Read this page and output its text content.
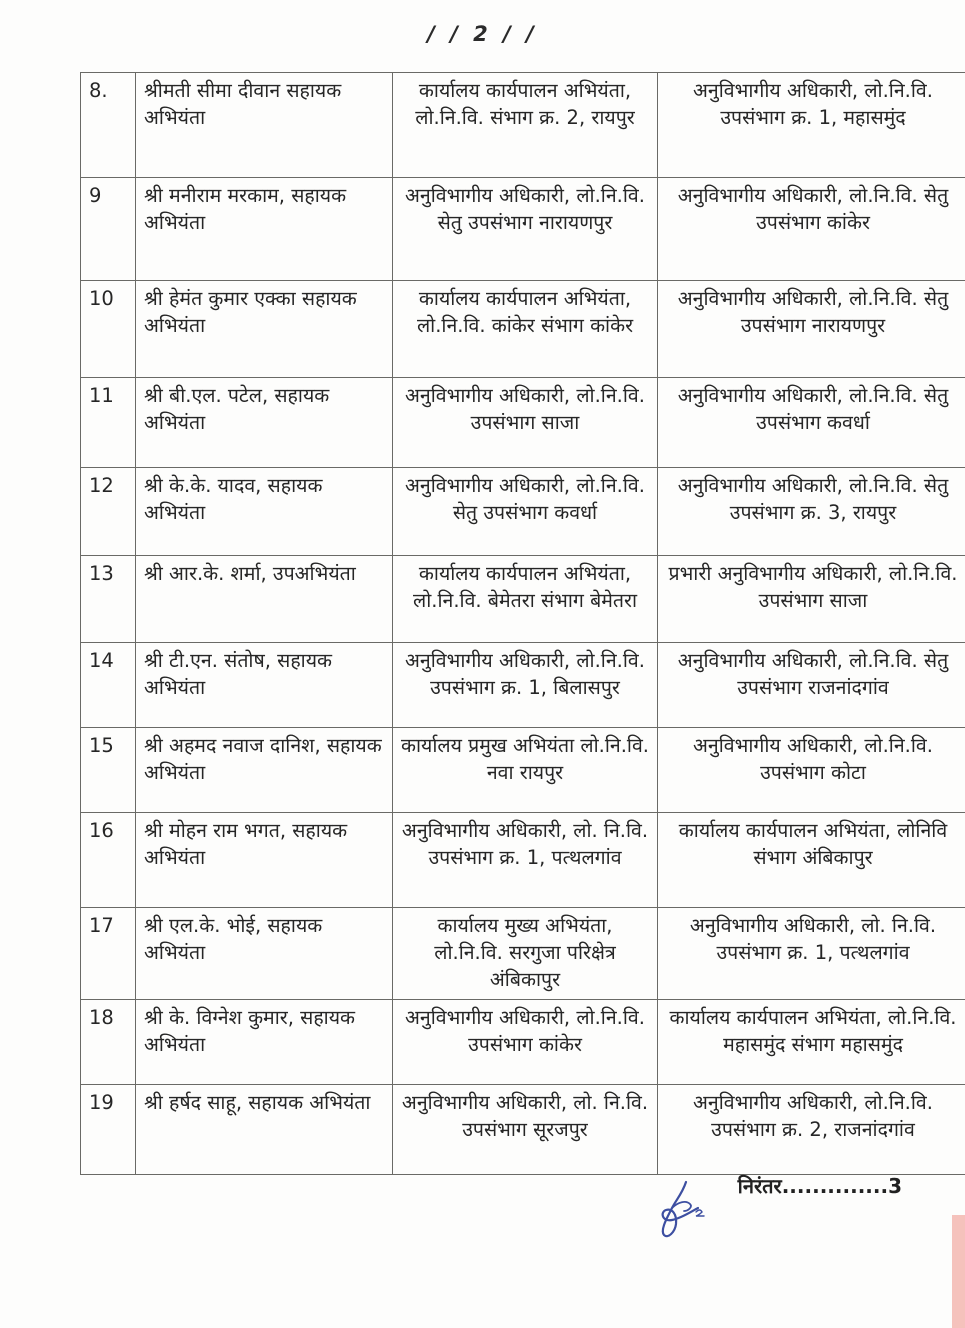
/ / 2 / /
8.	श्रीमती सीमा दीवान सहायक अभियंता	कार्यालय कार्यपालन अभियंता, लो.नि.वि. संभाग क्र. 2, रायपुर	अनुविभागीय अधिकारी, लो.नि.वि. उपसंभाग क्र. 1, महासमुंद
9	श्री मनीराम मरकाम, सहायक अभियंता	अनुविभागीय अधिकारी, लो.नि.वि. सेतु उपसंभाग नारायणपुर	अनुविभागीय अधिकारी, लो.नि.वि. सेतु उपसंभाग कांकेर
10	श्री हेमंत कुमार एक्का सहायक अभियंता	कार्यालय कार्यपालन अभियंता, लो.नि.वि. कांकेर संभाग कांकेर	अनुविभागीय अधिकारी, लो.नि.वि. सेतु उपसंभाग नारायणपुर
11	श्री बी.एल. पटेल, सहायक अभियंता	अनुविभागीय अधिकारी, लो.नि.वि. उपसंभाग साजा	अनुविभागीय अधिकारी, लो.नि.वि. सेतु उपसंभाग कवर्धा
12	श्री के.के. यादव, सहायक अभियंता	अनुविभागीय अधिकारी, लो.नि.वि. सेतु उपसंभाग कवर्धा	अनुविभागीय अधिकारी, लो.नि.वि. सेतु उपसंभाग क्र. 3, रायपुर
13	श्री आर.के. शर्मा, उपअभियंता	कार्यालय कार्यपालन अभियंता, लो.नि.वि. बेमेतरा संभाग बेमेतरा	प्रभारी अनुविभागीय अधिकारी, लो.नि.वि. उपसंभाग साजा
14	श्री टी.एन. संतोष, सहायक अभियंता	अनुविभागीय अधिकारी, लो.नि.वि. उपसंभाग क्र. 1, बिलासपुर	अनुविभागीय अधिकारी, लो.नि.वि. सेतु उपसंभाग राजनांदगांव
15	श्री अहमद नवाज दानिश, सहायक अभियंता	कार्यालय प्रमुख अभियंता लो.नि.वि. नवा रायपुर	अनुविभागीय अधिकारी, लो.नि.वि. उपसंभाग कोटा
16	श्री मोहन राम भगत, सहायक अभियंता	अनुविभागीय अधिकारी, लो. नि.वि. उपसंभाग क्र. 1, पत्थलगांव	कार्यालय कार्यपालन अभियंता, लोनिवि संभाग अंबिकापुर
17	श्री एल.के. भोई, सहायक अभियंता	कार्यालय मुख्य अभियंता, लो.नि.वि. सरगुजा परिक्षेत्र अंबिकापुर	अनुविभागीय अधिकारी, लो. नि.वि. उपसंभाग क्र. 1, पत्थलगांव
18	श्री के. विग्नेश कुमार, सहायक अभियंता	अनुविभागीय अधिकारी, लो.नि.वि. उपसंभाग कांकेर	कार्यालय कार्यपालन अभियंता, लो.नि.वि. महासमुंद संभाग महासमुंद
19	श्री हर्षद साहू, सहायक अभियंता	अनुविभागीय अधिकारी, लो. नि.वि. उपसंभाग सूरजपुर	अनुविभागीय अधिकारी, लो.नि.वि. उपसंभाग क्र. 2, राजनांदगांव
निरंतर..............3
